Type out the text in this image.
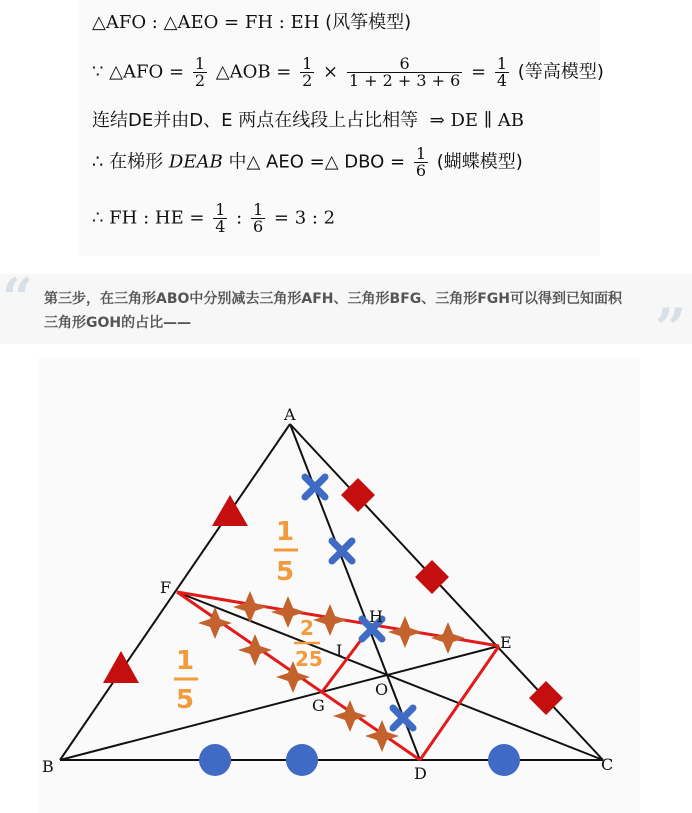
△AFO : △AEO = FH : EH (风筝模型)
∵ △AFO = $\frac{1}{2}$ △AOB = $\frac{1}{2} \times \frac{6}{1 + 2 + 3 + 6} = \frac{1}{4}$ (等高模型)
连结DE并由D、E 两点在线段上占比相等 ⇒ DE ∥ AB
∴ 在梯形 DEAB 中△ AEO =△ DBO = $\frac{1}{6}$ (蝴蝶模型)
∴ FH : HE = $\frac{1}{4}$ : $\frac{1}{6} = 3$ : 2
“ 第三步，在三角形ABO中分别减去三角形AFH、三角形BFG、三角形FGH可以得到已知面积三角形GOH的占比——	”
1
5
1
5
2
25
A
B	C
D
E
F
G
H
I
O
